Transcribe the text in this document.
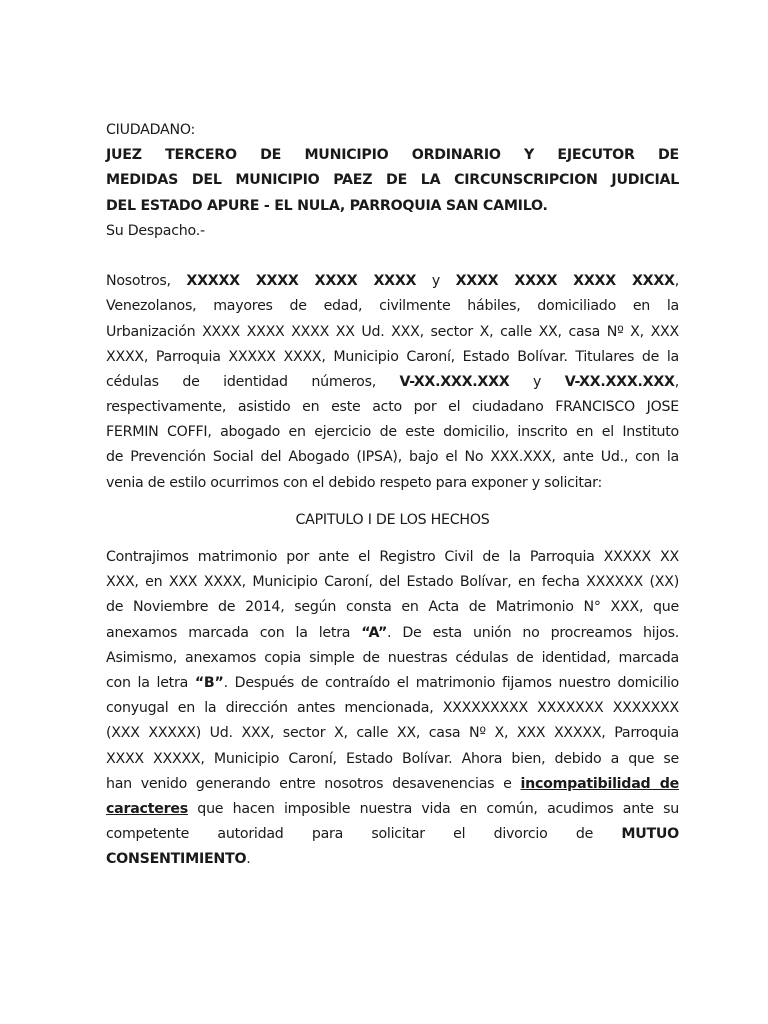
CIUDADANO:
JUEZ TERCERO DE MUNICIPIO ORDINARIO Y EJECUTOR DE
MEDIDAS DEL MUNICIPIO PAEZ DE LA CIRCUNSCRIPCION JUDICIAL
DEL ESTADO APURE - EL NULA, PARROQUIA SAN CAMILO.
Su Despacho.-
Nosotros, XXXXX XXXX XXXX XXXX y XXXX XXXX XXXX XXXX,
Venezolanos, mayores de edad, civilmente hábiles, domiciliado en la
Urbanización XXXX XXXX XXXX XX Ud. XXX, sector X, calle XX, casa Nº X, XXX
XXXX, Parroquia XXXXX XXXX, Municipio Caroní, Estado Bolívar. Titulares de la
cédulas de identidad números, V-XX.XXX.XXX y V-XX.XXX.XXX,
respectivamente, asistido en este acto por el ciudadano FRANCISCO JOSE
FERMIN COFFI, abogado en ejercicio de este domicilio, inscrito en el Instituto
de Prevención Social del Abogado (IPSA), bajo el No XXX.XXX, ante Ud., con la
venia de estilo ocurrimos con el debido respeto para exponer y solicitar:
CAPITULO I DE LOS HECHOS
Contrajimos matrimonio por ante el Registro Civil de la Parroquia XXXXX XX
XXX, en XXX XXXX, Municipio Caroní, del Estado Bolívar, en fecha XXXXXX (XX)
de Noviembre de 2014, según consta en Acta de Matrimonio N° XXX, que
anexamos marcada con la letra “A”. De esta unión no procreamos hijos.
Asimismo, anexamos copia simple de nuestras cédulas de identidad, marcada
con la letra “B”. Después de contraído el matrimonio fijamos nuestro domicilio
conyugal en la dirección antes mencionada, XXXXXXXXX XXXXXXX XXXXXXX
(XXX XXXXX) Ud. XXX, sector X, calle XX, casa Nº X, XXX XXXXX, Parroquia
XXXX XXXXX, Municipio Caroní, Estado Bolívar. Ahora bien, debido a que se
han venido generando entre nosotros desavenencias e incompatibilidad de
caracteres que hacen imposible nuestra vida en común, acudimos ante su
competente autoridad para solicitar el divorcio de MUTUO
CONSENTIMIENTO.
